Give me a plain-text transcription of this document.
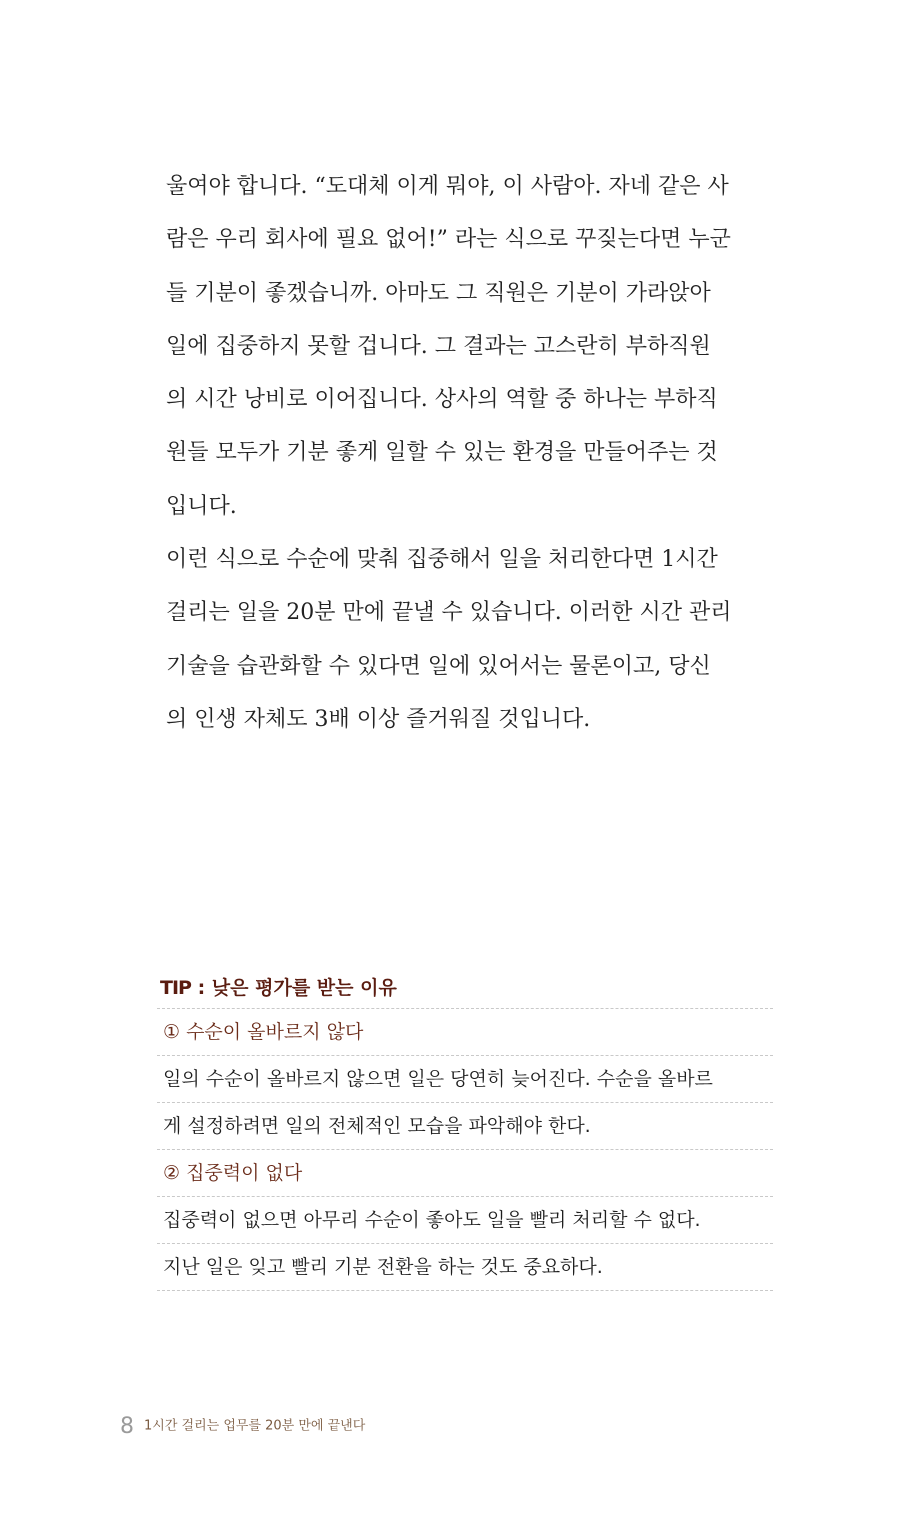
울여야 합니다. “도대체 이게 뭐야, 이 사람아. 자네 같은 사
람은 우리 회사에 필요 없어!” 라는 식으로 꾸짖는다면 누군
들 기분이 좋겠습니까. 아마도 그 직원은 기분이 가라앉아
일에 집중하지 못할 겁니다. 그 결과는 고스란히 부하직원
의 시간 낭비로 이어집니다. 상사의 역할 중 하나는 부하직
원들 모두가 기분 좋게 일할 수 있는 환경을 만들어주는 것
입니다.
이런 식으로 수순에 맞춰 집중해서 일을 처리한다면 1시간
걸리는 일을 20분 만에 끝낼 수 있습니다. 이러한 시간 관리
기술을 습관화할 수 있다면 일에 있어서는 물론이고, 당신
의 인생 자체도 3배 이상 즐거워질 것입니다.
TIP : 낮은 평가를 받는 이유
① 수순이 올바르지 않다
일의 수순이 올바르지 않으면 일은 당연히 늦어진다. 수순을 올바르
게 설정하려면 일의 전체적인 모습을 파악해야 한다.
② 집중력이 없다
집중력이 없으면 아무리 수순이 좋아도 일을 빨리 처리할 수 없다.
지난 일은 잊고 빨리 기분 전환을 하는 것도 중요하다.
8 1시간 걸리는 업무를 20분 만에 끝낸다
